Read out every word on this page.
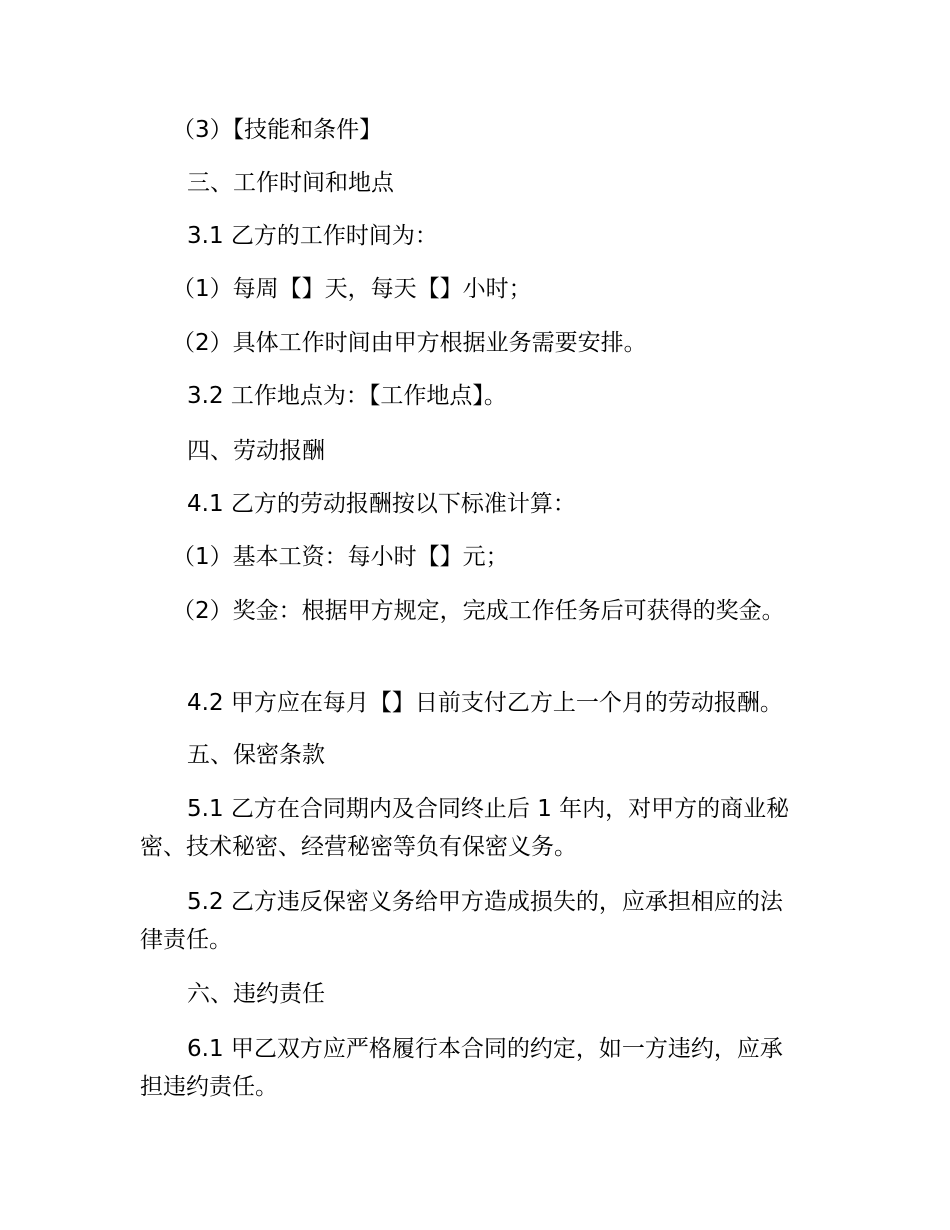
（3）【技能和条件】
三、工作时间和地点
3.1 乙方的工作时间为：
（1）每周【】天，每天【】小时；
（2）具体工作时间由甲方根据业务需要安排。
3.2 工作地点为：【工作地点】。
四、劳动报酬
4.1 乙方的劳动报酬按以下标准计算：
（1）基本工资：每小时【】元；
（2）奖金：根据甲方规定，完成工作任务后可获得的奖金。
4.2 甲方应在每月【】日前支付乙方上一个月的劳动报酬。
五、保密条款
5.1 乙方在合同期内及合同终止后 1 年内，对甲方的商业秘密、技术秘密、经营秘密等负有保密义务。
5.2 乙方违反保密义务给甲方造成损失的，应承担相应的法律责任。
六、违约责任
6.1 甲乙双方应严格履行本合同的约定，如一方违约，应承担违约责任。
